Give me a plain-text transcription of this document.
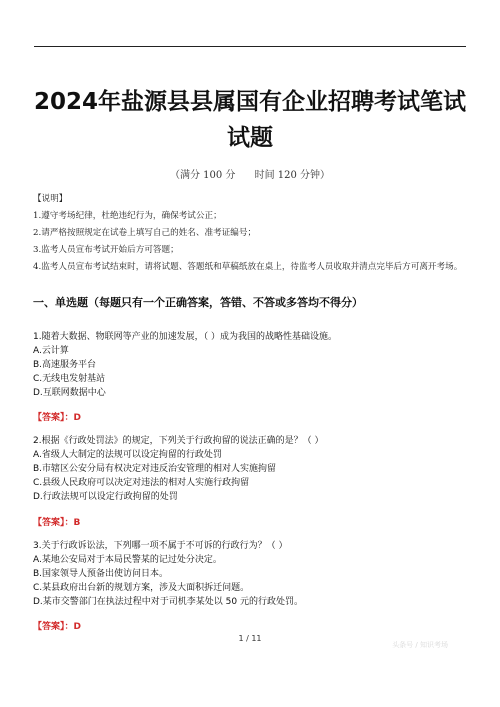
2024年盐源县县属国有企业招聘考试笔试试题
（满分 100 分 时间 120 分钟）

【说明】

1.遵守考场纪律，杜绝违纪行为，确保考试公正；

2.请严格按照规定在试卷上填写自己的姓名、准考证编号；

3.监考人员宣布考试开始后方可答题；

4.监考人员宣布考试结束时，请将试题、答题纸和草稿纸放在桌上，待监考人员收取并清点完毕后方可离开考场。

一、单选题（每题只有一个正确答案，答错、不答或多答均不得分）

1.随着大数据、物联网等产业的加速发展，（ ）成为我国的战略性基础设施。

A.云计算

B.高速服务平台

C.无线电发射基站

D.互联网数据中心

【答案】：D

2.根据《行政处罚法》的规定，下列关于行政拘留的说法正确的是？（ ）

A.省级人大制定的法规可以设定拘留的行政处罚

B.市辖区公安分局有权决定对违反治安管理的相对人实施拘留

C.县级人民政府可以决定对违法的相对人实施行政拘留

D.行政法规可以设定行政拘留的处罚

【答案】：B

3.关于行政诉讼法，下列哪一项不属于不可诉的行政行为？（ ）

A.某地公安局对于本局民警某的记过处分决定。

B.国家领导人预备出使访问日本。

C.某县政府出台新的规划方案，涉及大面积拆迁问题。

D.某市交警部门在执法过程中对于司机李某处以 50 元的行政处罚。

【答案】：D
1 / 11
头条号 / 知识考场
